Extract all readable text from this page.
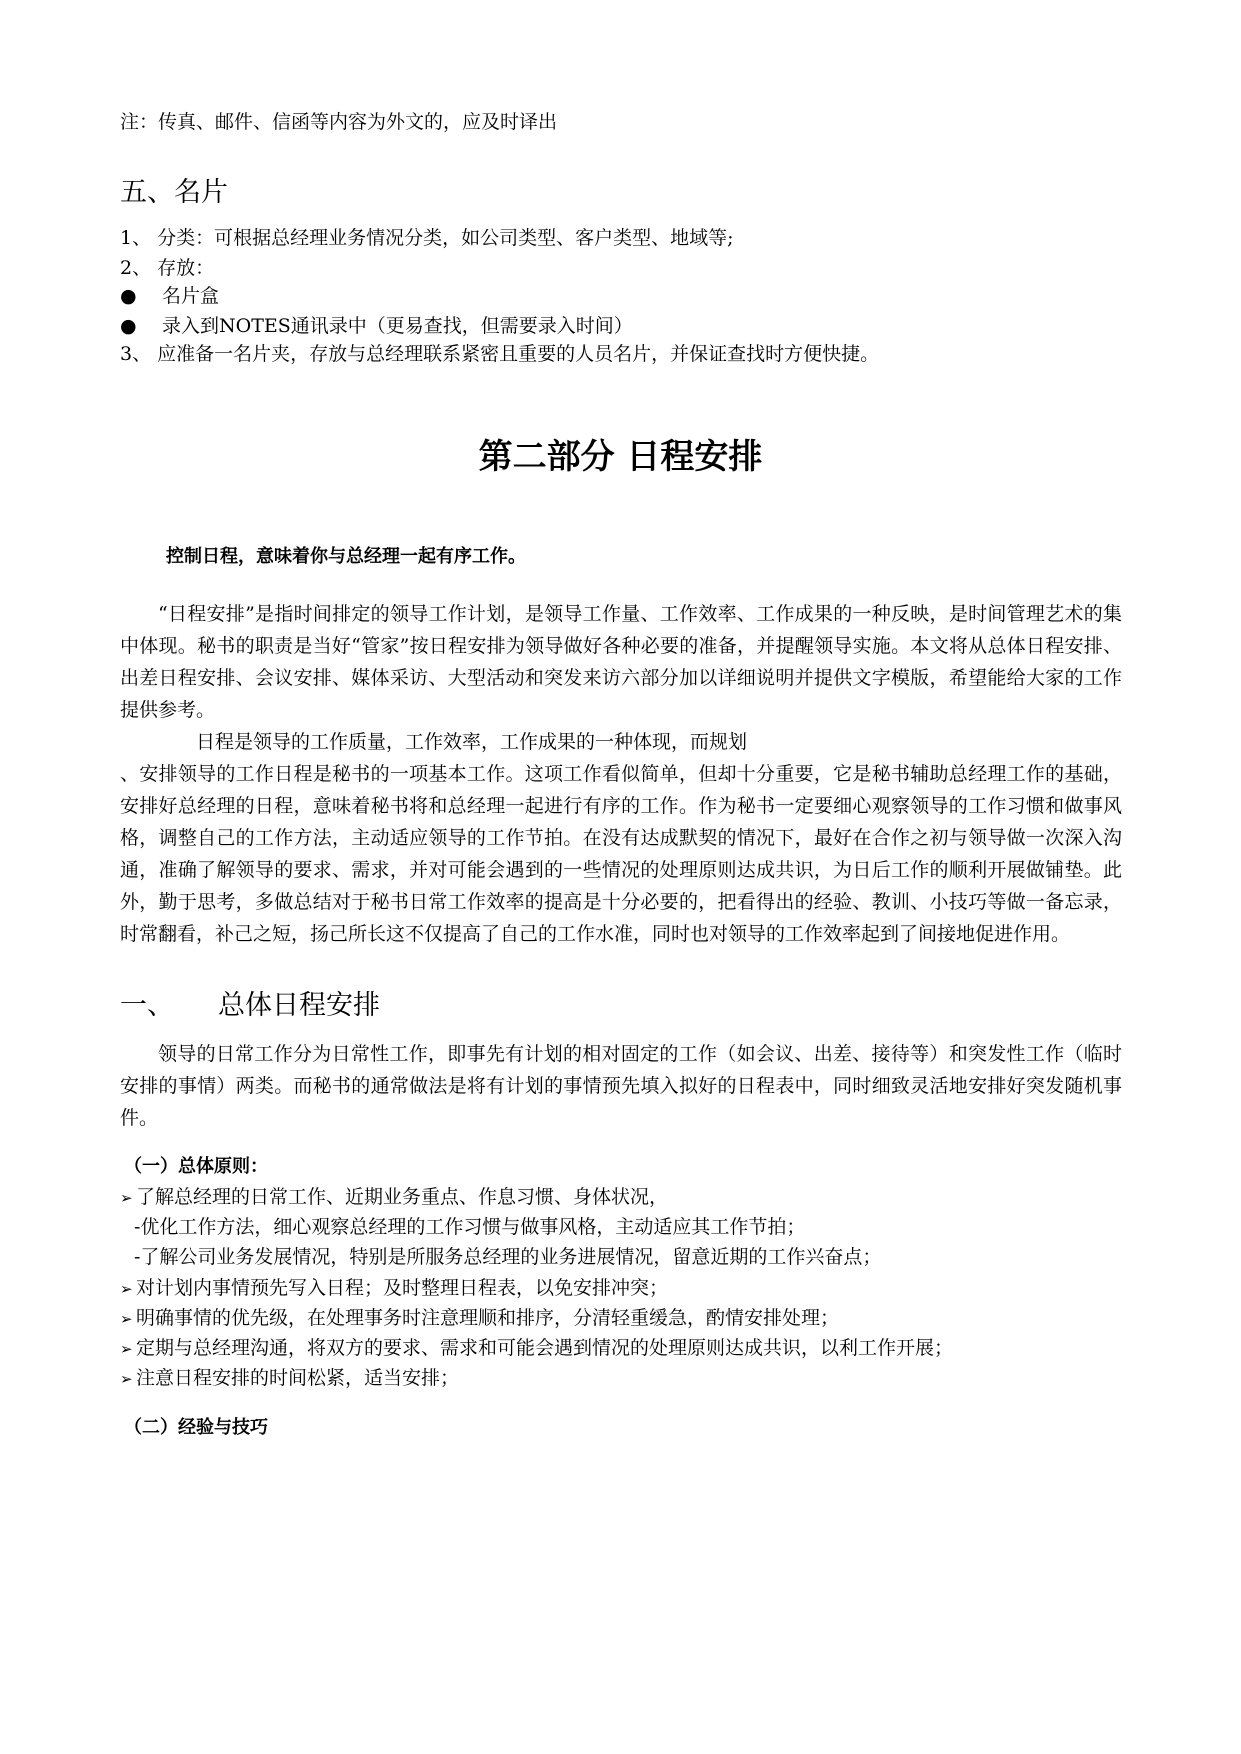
注：传真、邮件、信函等内容为外文的，应及时译出
五、名片
1、 分类：可根据总经理业务情况分类，如公司类型、客户类型、地域等;
2、 存放：
● 名片盒
● 录入到NOTES通讯录中（更易查找，但需要录入时间）
3、 应准备一名片夹，存放与总经理联系紧密且重要的人员名片，并保证查找时方便快捷。
第二部分 日程安排
控制日程，意味着你与总经理一起有序工作。

“日程安排”是指时间排定的领导工作计划，是领导工作量、工作效率、工作成果的一种反映，是时间管理艺术的集中体现。秘书的职责是当好“管家”按日程安排为领导做好各种必要的准备，并提醒领导实施。本文将从总体日程安排、出差日程安排、会议安排、媒体采访、大型活动和突发来访六部分加以详细说明并提供文字模版，希望能给大家的工作提供参考。

日程是领导的工作质量，工作效率，工作成果的一种体现，而规划

、安排领导的工作日程是秘书的一项基本工作。这项工作看似简单，但却十分重要，它是秘书辅助总经理工作的基础，安排好总经理的日程，意味着秘书将和总经理一起进行有序的工作。作为秘书一定要细心观察领导的工作习惯和做事风格，调整自己的工作方法，主动适应领导的工作节拍。在没有达成默契的情况下，最好在合作之初与领导做一次深入沟通，准确了解领导的要求、需求，并对可能会遇到的一些情况的处理原则达成共识，为日后工作的顺利开展做铺垫。此外，勤于思考，多做总结对于秘书日常工作效率的提高是十分必要的，把看得出的经验、教训、小技巧等做一备忘录，时常翻看，补己之短，扬己所长这不仅提高了自己的工作水准，同时也对领导的工作效率起到了间接地促进作用。

一、 总体日程安排

领导的日常工作分为日常性工作，即事先有计划的相对固定的工作（如会议、出差、接待等）和突发性工作（临时安排的事情）两类。而秘书的通常做法是将有计划的事情预先填入拟好的日程表中，同时细致灵活地安排好突发随机事件。

（一）总体原则：
➢ 了解总经理的日常工作、近期业务重点、作息习惯、身体状况，
-优化工作方法，细心观察总经理的工作习惯与做事风格，主动适应其工作节拍；
-了解公司业务发展情况，特别是所服务总经理的业务进展情况，留意近期的工作兴奋点；
➢ 对计划内事情预先写入日程；及时整理日程表，以免安排冲突；
➢ 明确事情的优先级，在处理事务时注意理顺和排序，分清轻重缓急，酌情安排处理；
➢ 定期与总经理沟通，将双方的要求、需求和可能会遇到情况的处理原则达成共识，以利工作开展；
➢ 注意日程安排的时间松紧，适当安排；
（二）经验与技巧
